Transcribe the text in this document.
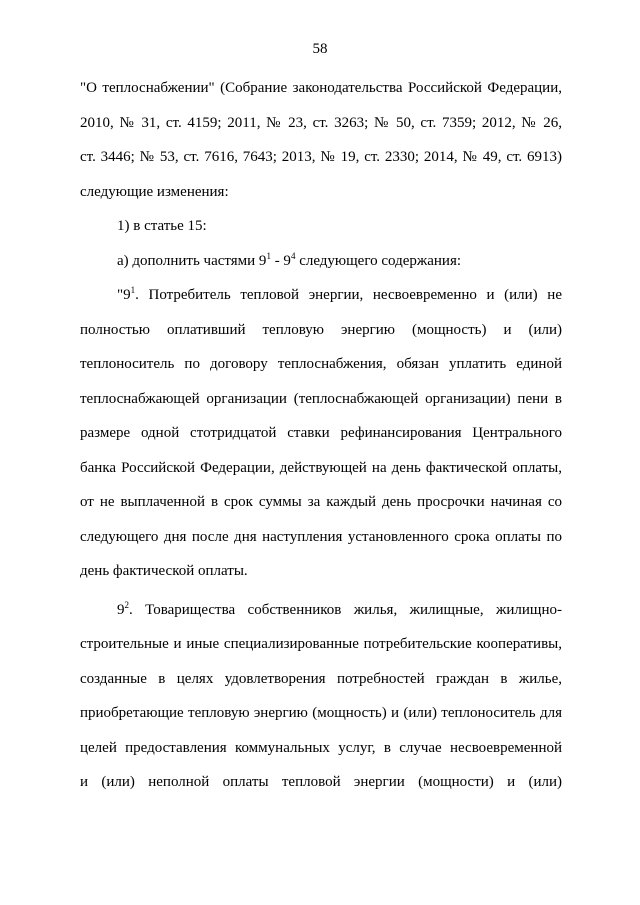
58
"О теплоснабжении" (Собрание законодательства Российской Федерации,
2010, № 31, ст. 4159; 2011, № 23, ст. 3263; № 50, ст. 7359; 2012, № 26,
ст. 3446; № 53, ст. 7616, 7643; 2013, № 19, ст. 2330; 2014, № 49, ст. 6913)
следующие изменения:
1) в статье 15:
а) дополнить частями $9^1 - 9^4$ следующего содержания:
"$9^1$. Потребитель тепловой энергии, несвоевременно и (или) не
полностью оплативший тепловую энергию (мощность) и (или)
теплоноситель по договору теплоснабжения, обязан уплатить единой
теплоснабжающей организации (теплоснабжающей организации) пени в
размере одной стотридцатой ставки рефинансирования Центрального
банка Российской Федерации, действующей на день фактической оплаты,
от не выплаченной в срок суммы за каждый день просрочки начиная со
следующего дня после дня наступления установленного срока оплаты по
день фактической оплаты.
$9^2$. Товарищества собственников жилья, жилищные, жилищно-
строительные и иные специализированные потребительские кооперативы,
созданные в целях удовлетворения потребностей граждан в жилье,
приобретающие тепловую энергию (мощность) и (или) теплоноситель для
целей предоставления коммунальных услуг, в случае несвоевременной
и (или) неполной оплаты тепловой энергии (мощности) и (или)
